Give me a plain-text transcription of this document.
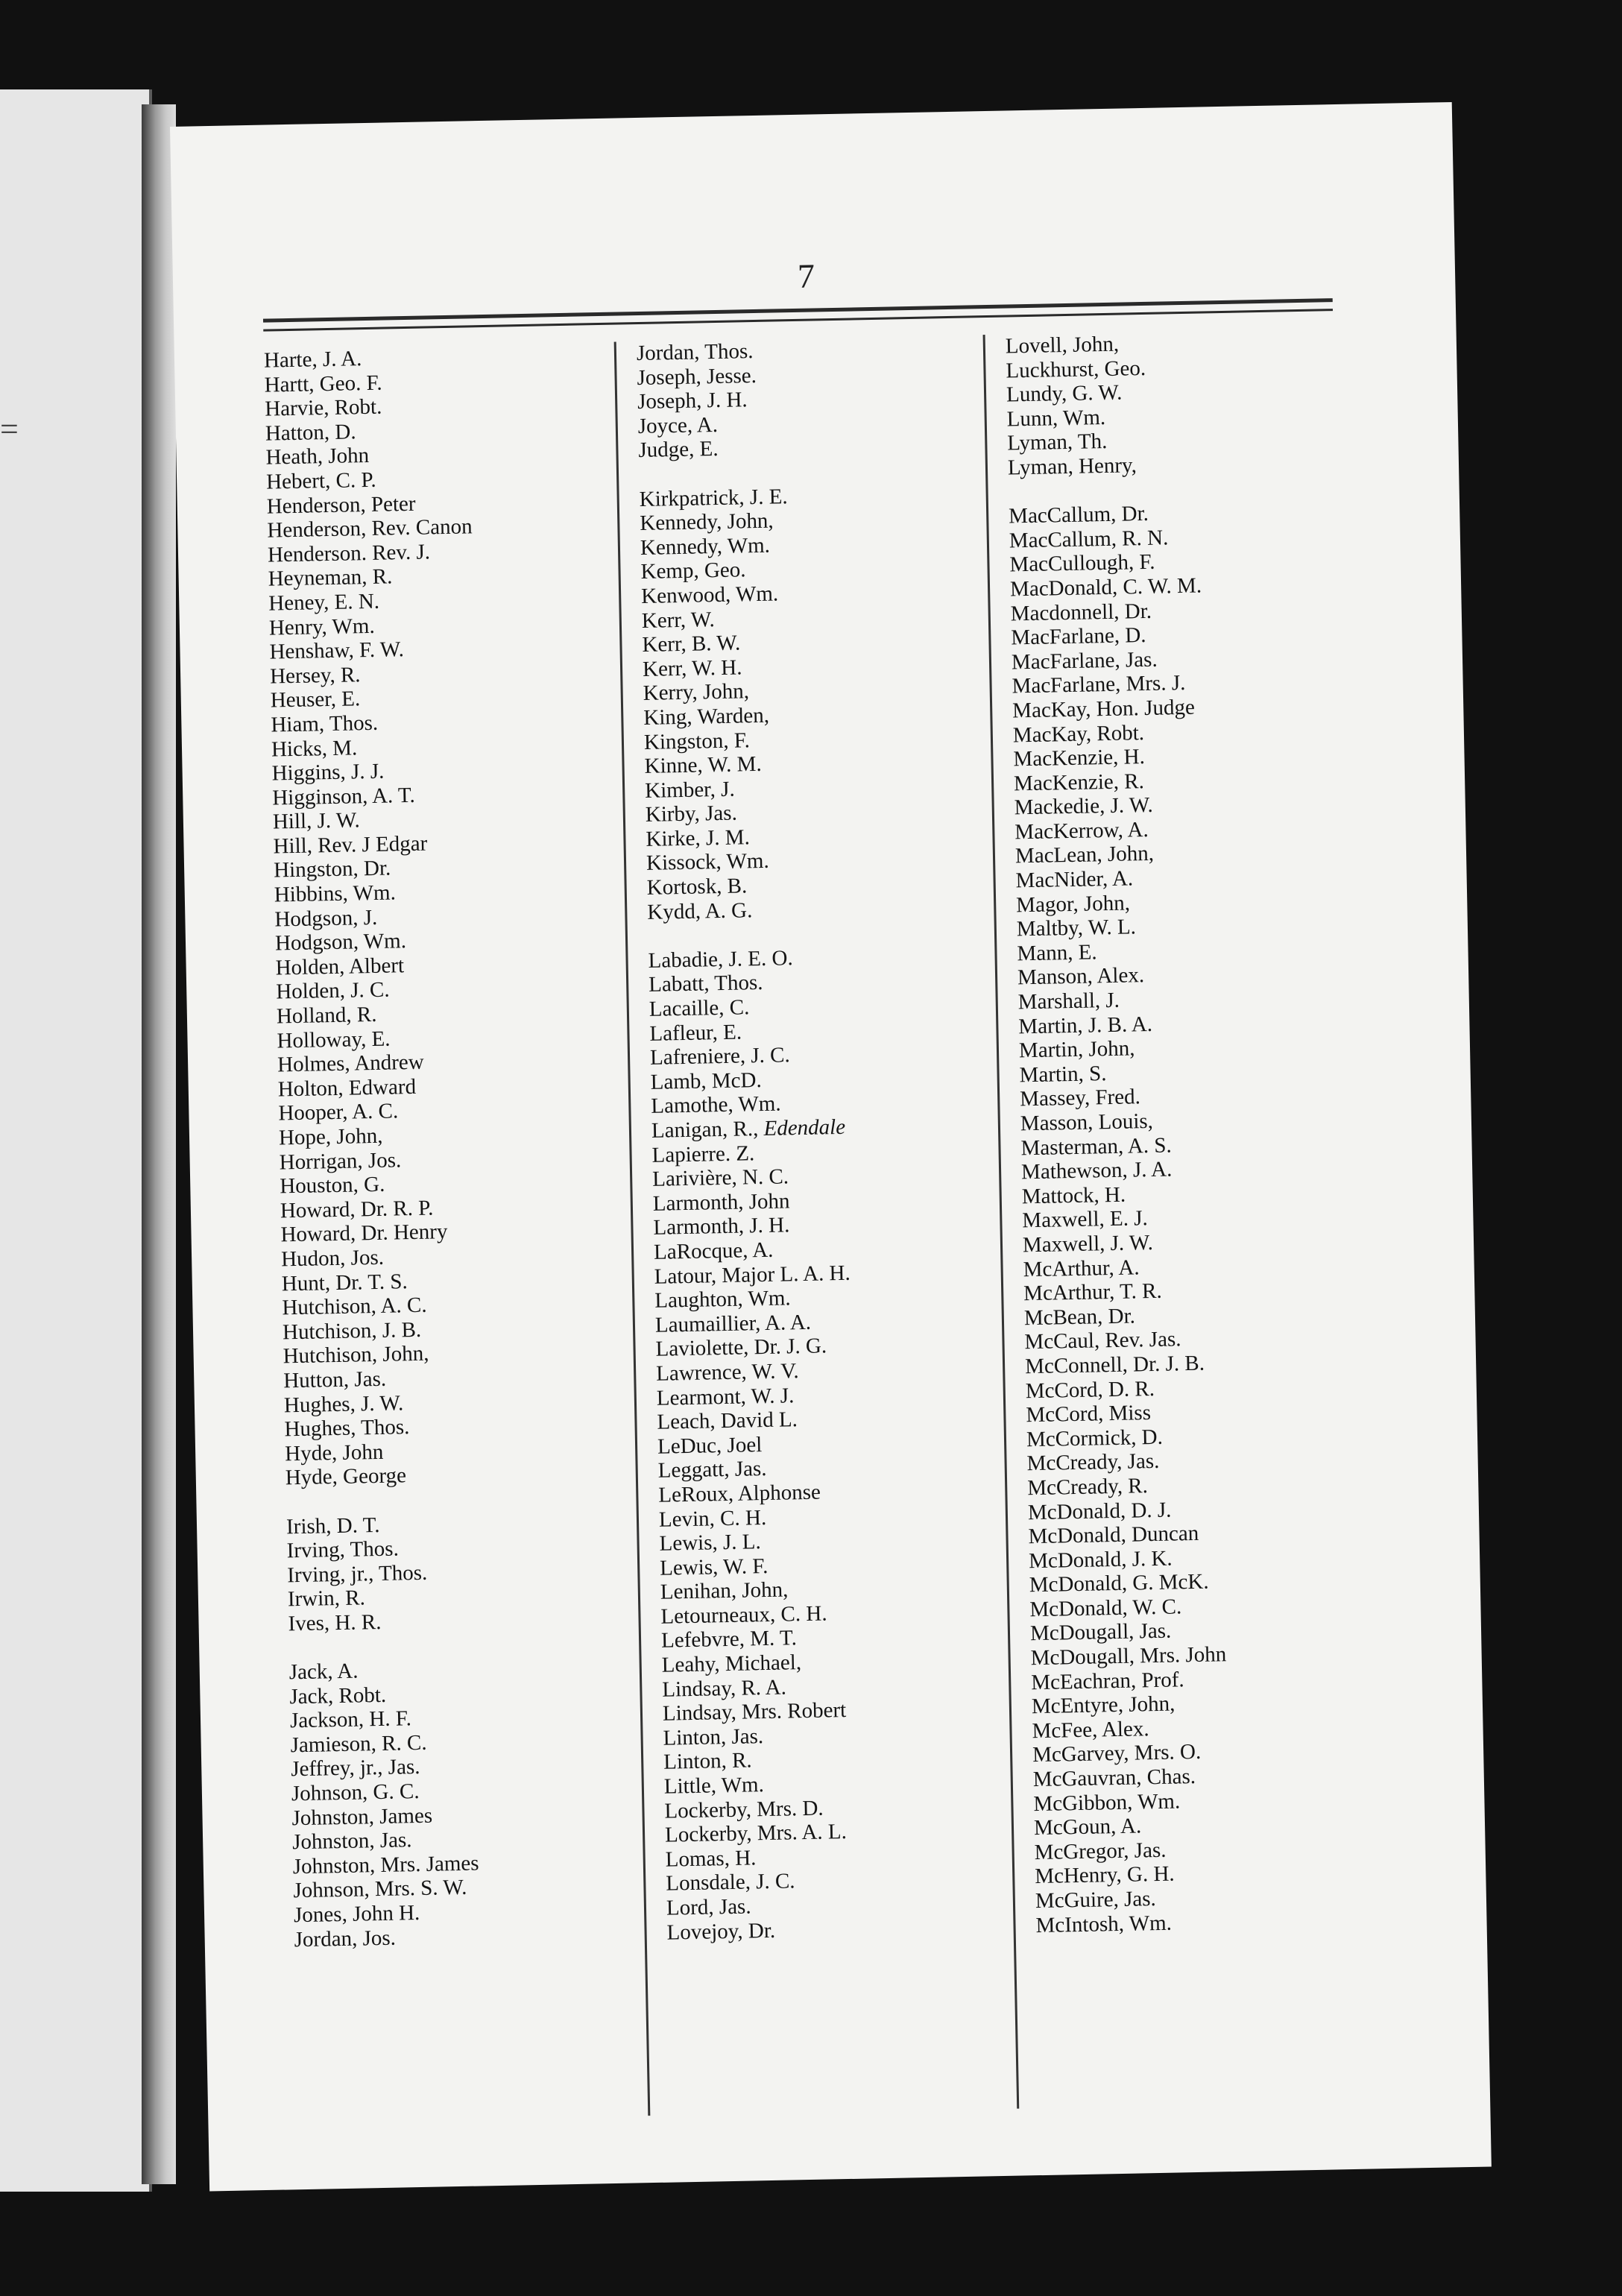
=
7
Harte, J. A.
Hartt, Geo. F.
Harvie, Robt.
Hatton, D.
Heath, John
Hebert, C. P.
Henderson, Peter
Henderson, Rev. Canon
Henderson. Rev. J.
Heyneman, R.
Heney, E. N.
Henry, Wm.
Henshaw, F. W.
Hersey, R.
Heuser, E.
Hiam, Thos.
Hicks, M.
Higgins, J. J.
Higginson, A. T.
Hill, J. W.
Hill, Rev. J Edgar
Hingston, Dr.
Hibbins, Wm.
Hodgson, J.
Hodgson, Wm.
Holden, Albert
Holden, J. C.
Holland, R.
Holloway, E.
Holmes, Andrew
Holton, Edward
Hooper, A. C.
Hope, John,
Horrigan, Jos.
Houston, G.
Howard, Dr. R. P.
Howard, Dr. Henry
Hudon, Jos.
Hunt, Dr. T. S.
Hutchison, A. C.
Hutchison, J. B.
Hutchison, John,
Hutton, Jas.
Hughes, J. W.
Hughes, Thos.
Hyde, John
Hyde, George
Irish, D. T.
Irving, Thos.
Irving, jr., Thos.
Irwin, R.
Ives, H. R.
Jack, A.
Jack, Robt.
Jackson, H. F.
Jamieson, R. C.
Jeffrey, jr., Jas.
Johnson, G. C.
Johnston, James
Johnston, Jas.
Johnston, Mrs. James
Johnson, Mrs. S. W.
Jones, John H.
Jordan, Jos.
Jordan, Thos.
Joseph, Jesse.
Joseph, J. H.
Joyce, A.
Judge, E.
Kirkpatrick, J. E.
Kennedy, John,
Kennedy, Wm.
Kemp, Geo.
Kenwood, Wm.
Kerr, W.
Kerr, B. W.
Kerr, W. H.
Kerry, John,
King, Warden,
Kingston, F.
Kinne, W. M.
Kimber, J.
Kirby, Jas.
Kirke, J. M.
Kissock, Wm.
Kortosk, B.
Kydd, A. G.
Labadie, J. E. O.
Labatt, Thos.
Lacaille, C.
Lafleur, E.
Lafreniere, J. C.
Lamb, McD.
Lamothe, Wm.
Lanigan, R., Edendale
Lapierre. Z.
Larivière, N. C.
Larmonth, John
Larmonth, J. H.
LaRocque, A.
Latour, Major L. A. H.
Laughton, Wm.
Laumaillier, A. A.
Laviolette, Dr. J. G.
Lawrence, W. V.
Learmont, W. J.
Leach, David L.
LeDuc, Joel
Leggatt, Jas.
LeRoux, Alphonse
Levin, C. H.
Lewis, J. L.
Lewis, W. F.
Lenihan, John,
Letourneaux, C. H.
Lefebvre, M. T.
Leahy, Michael,
Lindsay, R. A.
Lindsay, Mrs. Robert
Linton, Jas.
Linton, R.
Little, Wm.
Lockerby, Mrs. D.
Lockerby, Mrs. A. L.
Lomas, H.
Lonsdale, J. C.
Lord, Jas.
Lovejoy, Dr.
Lovell, John,
Luckhurst, Geo.
Lundy, G. W.
Lunn, Wm.
Lyman, Th.
Lyman, Henry,
MacCallum, Dr.
MacCallum, R. N.
MacCullough, F.
MacDonald, C. W. M.
Macdonnell, Dr.
MacFarlane, D.
MacFarlane, Jas.
MacFarlane, Mrs. J.
MacKay, Hon. Judge
MacKay, Robt.
MacKenzie, H.
MacKenzie, R.
Mackedie, J. W.
MacKerrow, A.
MacLean, John,
MacNider, A.
Magor, John,
Maltby, W. L.
Mann, E.
Manson, Alex.
Marshall, J.
Martin, J. B. A.
Martin, John,
Martin, S.
Massey, Fred.
Masson, Louis,
Masterman, A. S.
Mathewson, J. A.
Mattock, H.
Maxwell, E. J.
Maxwell, J. W.
McArthur, A.
McArthur, T. R.
McBean, Dr.
McCaul, Rev. Jas.
McConnell, Dr. J. B.
McCord, D. R.
McCord, Miss
McCormick, D.
McCready, Jas.
McCready, R.
McDonald, D. J.
McDonald, Duncan
McDonald, J. K.
McDonald, G. McK.
McDonald, W. C.
McDougall, Jas.
McDougall, Mrs. John
McEachran, Prof.
McEntyre, John,
McFee, Alex.
McGarvey, Mrs. O.
McGauvran, Chas.
McGibbon, Wm.
McGoun, A.
McGregor, Jas.
McHenry, G. H.
McGuire, Jas.
McIntosh, Wm.
